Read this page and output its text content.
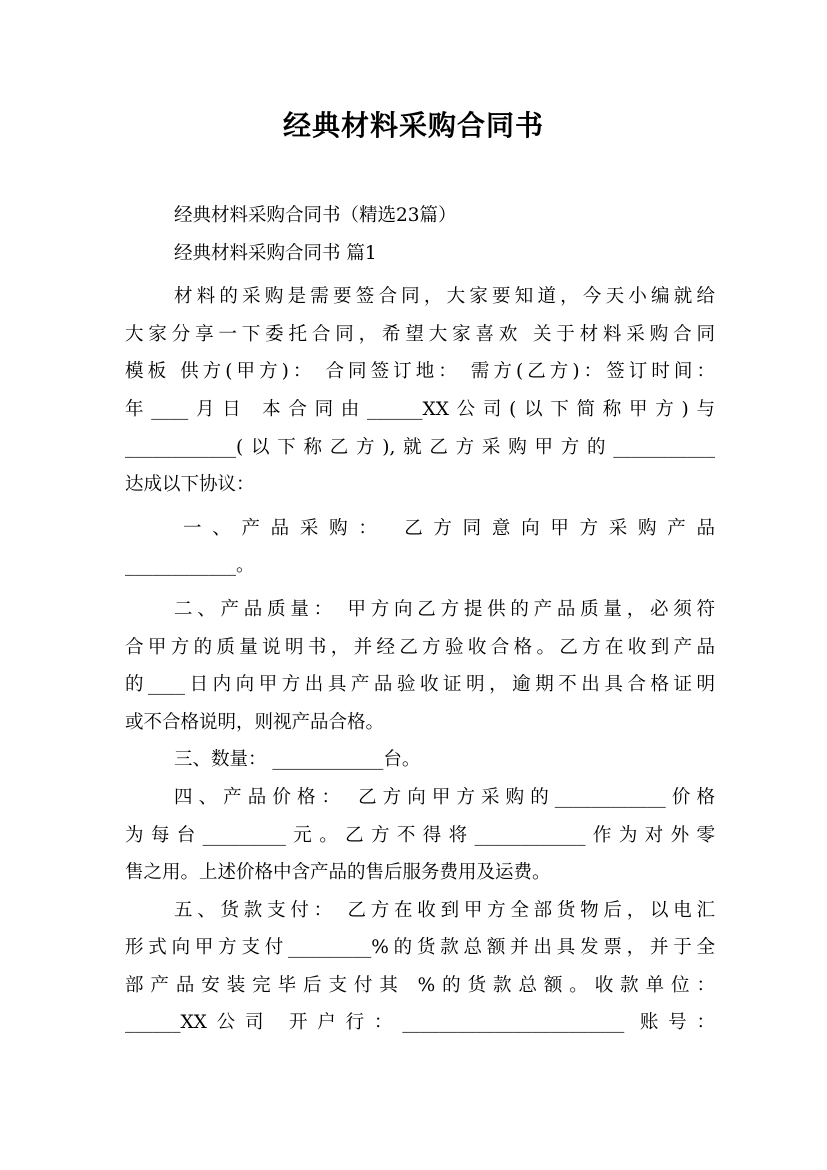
经典材料采购合同书

经典材料采购合同书（精选23篇）

经典材料采购合同书 篇1

材料的采购是需要签合同，大家要知道，今天小编就给

大家分享一下委托合同，希望大家喜欢 关于材料采购合同

模板 供方(甲方)： 合同签订地： 需方(乙方)：签订时间：

年____月日 本合同由______XX公司(以下简称甲方)与

____________(以下称乙方),就乙方采购甲方的___________

达成以下协议：

一、产品采购： 乙方同意向甲方采购产品

____________。

二、产品质量： 甲方向乙方提供的产品质量，必须符

合甲方的质量说明书，并经乙方验收合格。乙方在收到产品

的____日内向甲方出具产品验收证明，逾期不出具合格证明

或不合格说明，则视产品合格。

三、数量： ____________台。

四、产品价格： 乙方向甲方采购的____________价格

为每台_________元。乙方不得将____________作为对外零

售之用。上述价格中含产品的售后服务费用及运费。

五、货款支付： 乙方在收到甲方全部货物后，以电汇

形式向甲方支付_________%的货款总额并出具发票，并于全

部产品安装完毕后支付其 %的货款总额。收款单位：

______XX公司 开户行：________________________ 账号：
